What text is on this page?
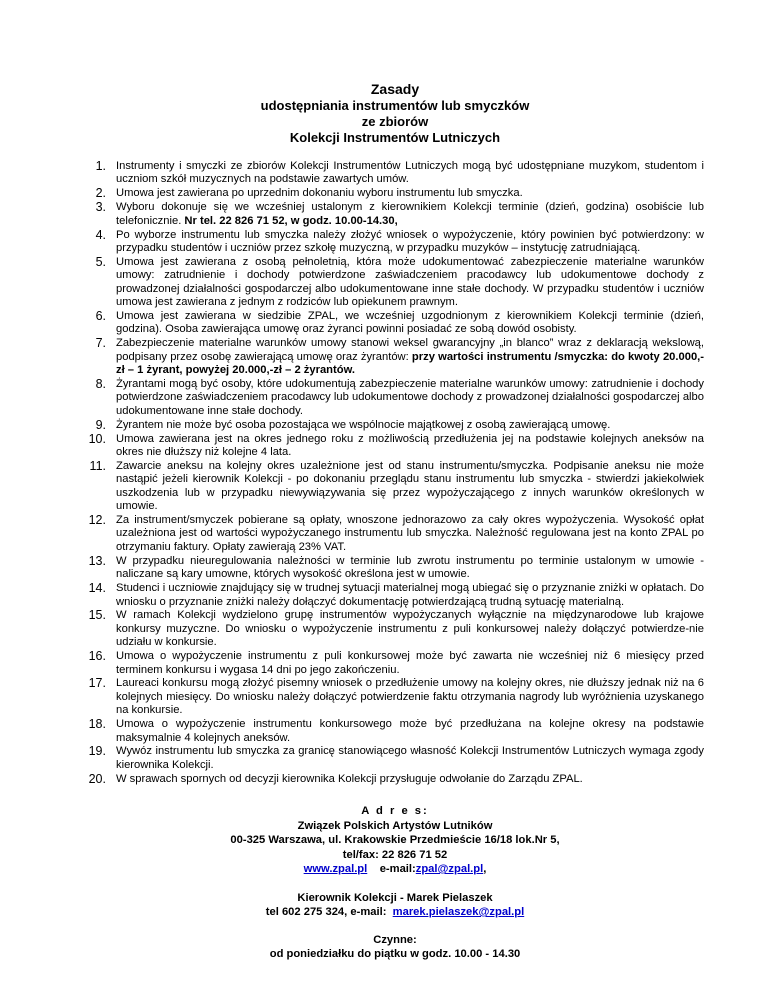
Zasady
udostępniania instrumentów lub smyczków
ze zbiorów
Kolekcji Instrumentów Lutniczych
1. Instrumenty i smyczki ze zbiorów Kolekcji Instrumentów Lutniczych mogą być udostępniane muzykom, studentom i uczniom szkół muzycznych na podstawie zawartych umów.
2. Umowa jest zawierana po uprzednim dokonaniu wyboru instrumentu lub smyczka.
3. Wyboru dokonuje się we wcześniej ustalonym z kierownikiem Kolekcji terminie (dzień, godzina) osobiście lub telefonicznie. Nr tel. 22 826 71 52, w godz. 10.00-14.30,
4. Po wyborze instrumentu lub smyczka należy złożyć wniosek o wypożyczenie, który powinien być potwierdzony: w przypadku studentów i uczniów przez szkołę muzyczną, w przypadku muzyków – instytucję zatrudniającą.
5. Umowa jest zawierana z osobą pełnoletnią, która może udokumentować zabezpieczenie materialne warunków umowy: zatrudnienie i dochody potwierdzone zaświadczeniem pracodawcy lub udokumentowe dochody z prowadzonej działalności gospodarczej albo udokumentowane inne stałe dochody. W przypadku studentów i uczniów umowa jest zawierana z jednym z rodziców lub opiekunem prawnym.
6. Umowa jest zawierana w siedzibie ZPAL, we wcześniej uzgodnionym z kierownikiem Kolekcji terminie (dzień, godzina). Osoba zawierająca umowę oraz żyranci powinni posiadać ze sobą dowód osobisty.
7. Zabezpieczenie materialne warunków umowy stanowi weksel gwarancyjny „in blanco” wraz z deklaracją wekslową, podpisany przez osobę zawierającą umowę oraz żyrantów: przy wartości instrumentu /smyczka: do kwoty 20.000,-zł – 1 żyrant, powyżej 20.000,-zł – 2 żyrantów.
8. Żyrantami mogą być osoby, które udokumentują zabezpieczenie materialne warunków umowy: zatrudnienie i dochody potwierdzone zaświadczeniem pracodawcy lub udokumentowe dochody z prowadzonej działalności gospodarczej albo udokumentowane inne stałe dochody.
9. Żyrantem nie może być osoba pozostająca we wspólnocie majątkowej z osobą zawierającą umowę.
10. Umowa zawierana jest na okres jednego roku z możliwością przedłużenia jej na podstawie kolejnych aneksów na okres nie dłuższy niż kolejne 4 lata.
11. Zawarcie aneksu na kolejny okres uzależnione jest od stanu instrumentu/smyczka. Podpisanie aneksu nie może nastąpić jeżeli kierownik Kolekcji - po dokonaniu przeglądu stanu instrumentu lub smyczka - stwierdzi jakiekolwiek uszkodzenia lub w przypadku niewywiązywania się przez wypożyczającego z innych warunków określonych w umowie.
12. Za instrument/smyczek pobierane są opłaty, wnoszone jednorazowo za cały okres wypożyczenia. Wysokość opłat uzależniona jest od wartości wypożyczanego instrumentu lub smyczka. Należność regulowana jest na konto ZPAL po otrzymaniu faktury. Opłaty zawierają 23% VAT.
13. W przypadku nieuregulowania należności w terminie lub zwrotu instrumentu po terminie ustalonym w umowie - naliczane są kary umowne, których wysokość określona jest w umowie.
14. Studenci i uczniowie znajdujący się w trudnej sytuacji materialnej mogą ubiegać się o przyznanie zniżki w opłatach. Do wniosku o przyznanie zniżki należy dołączyć dokumentację potwierdzającą trudną sytuację materialną.
15. W ramach Kolekcji wydzielono grupę instrumentów wypożyczanych wyłącznie na międzynarodowe lub krajowe konkursy muzyczne. Do wniosku o wypożyczenie instrumentu z puli konkursowej należy dołączyć potwierdze-nie udziału w konkursie.
16. Umowa o wypożyczenie instrumentu z puli konkursowej może być zawarta nie wcześniej niż 6 miesięcy przed terminem konkursu i wygasa 14 dni po jego zakończeniu.
17. Laureaci konkursu mogą złożyć pisemny wniosek o przedłużenie umowy na kolejny okres, nie dłuższy jednak niż na 6 kolejnych miesięcy. Do wniosku należy dołączyć potwierdzenie faktu otrzymania nagrody lub wyróżnienia uzyskanego na konkursie.
18. Umowa o wypożyczenie instrumentu konkursowego może być przedłużana na kolejne okresy na podstawie maksymalnie 4 kolejnych aneksów.
19. Wywóz instrumentu lub smyczka za granicę stanowiącego własność Kolekcji Instrumentów Lutniczych wymaga zgody kierownika Kolekcji.
20. W sprawach spornych od decyzji kierownika Kolekcji przysługuje odwołanie do Zarządu ZPAL.
A d r e s:
Związek Polskich Artystów Lutników
00-325 Warszawa, ul. Krakowskie Przedmieście 16/18 lok.Nr 5,
tel/fax: 22 826 71 52
www.zpal.pl e-mail:zpal@zpal.pl,
Kierownik Kolekcji - Marek Pielaszek
tel 602 275 324, e-mail: marek.pielaszek@zpal.pl
Czynne:
od poniedziałku do piątku w godz. 10.00 - 14.30
